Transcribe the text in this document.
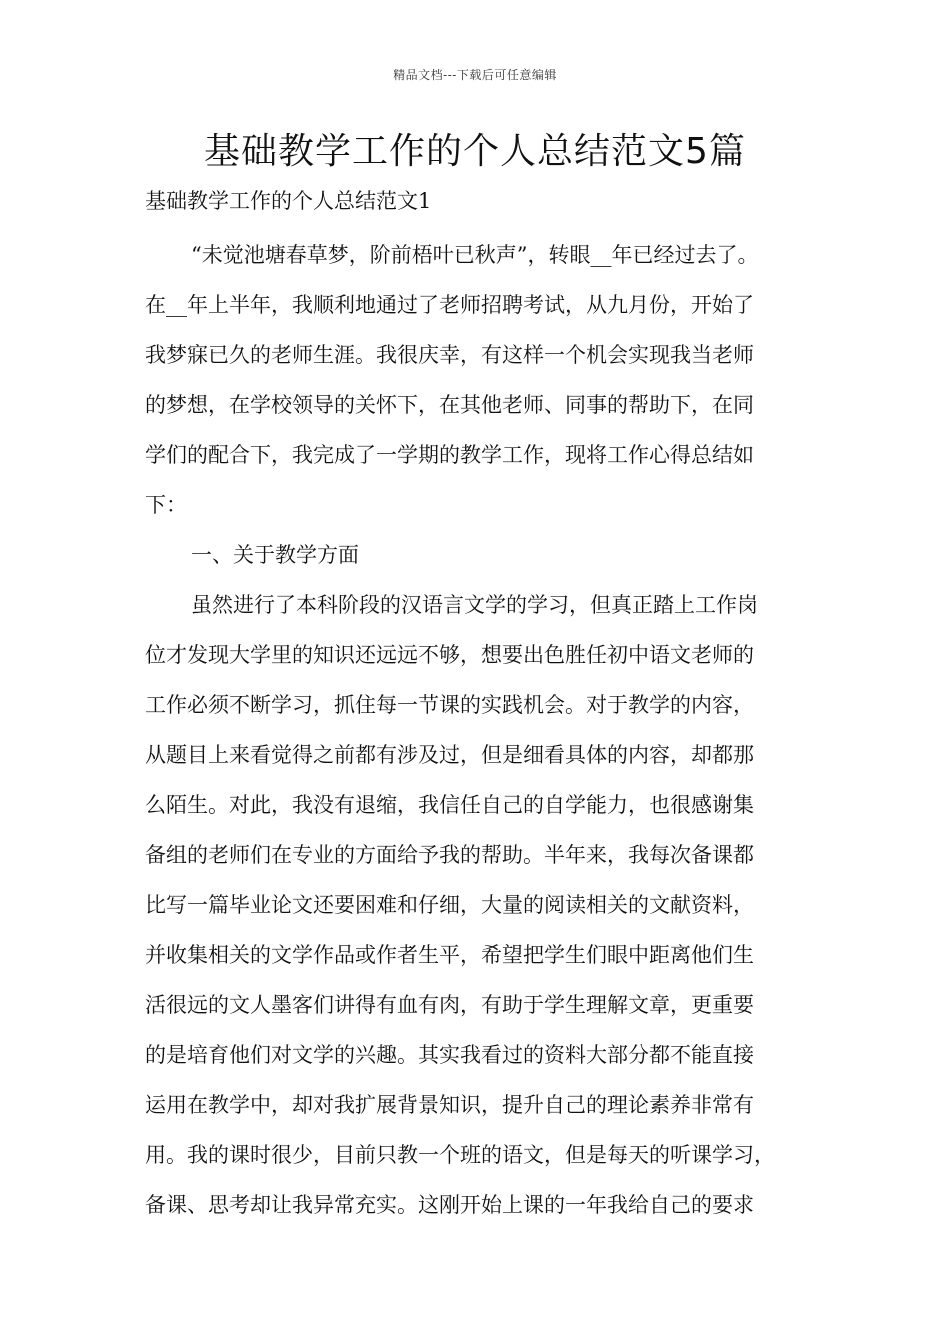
精品文档---下载后可任意编辑
基础教学工作的个人总结范文5篇
基础教学工作的个人总结范文1
“未觉池塘春草梦，阶前梧叶已秋声”，转眼__年已经过去了。
在__年上半年，我顺利地通过了老师招聘考试，从九月份，开始了
我梦寐已久的老师生涯。我很庆幸，有这样一个机会实现我当老师
的梦想，在学校领导的关怀下，在其他老师、同事的帮助下，在同
学们的配合下，我完成了一学期的教学工作，现将工作心得总结如
下：
一、关于教学方面
虽然进行了本科阶段的汉语言文学的学习，但真正踏上工作岗
位才发现大学里的知识还远远不够，想要出色胜任初中语文老师的
工作必须不断学习，抓住每一节课的实践机会。对于教学的内容，
从题目上来看觉得之前都有涉及过，但是细看具体的内容，却都那
么陌生。对此，我没有退缩，我信任自己的自学能力，也很感谢集
备组的老师们在专业的方面给予我的帮助。半年来，我每次备课都
比写一篇毕业论文还要困难和仔细，大量的阅读相关的文献资料，
并收集相关的文学作品或作者生平，希望把学生们眼中距离他们生
活很远的文人墨客们讲得有血有肉，有助于学生理解文章，更重要
的是培育他们对文学的兴趣。其实我看过的资料大部分都不能直接
运用在教学中，却对我扩展背景知识，提升自己的理论素养非常有
用。我的课时很少，目前只教一个班的语文，但是每天的听课学习，
备课、思考却让我异常充实。这刚开始上课的一年我给自己的要求
